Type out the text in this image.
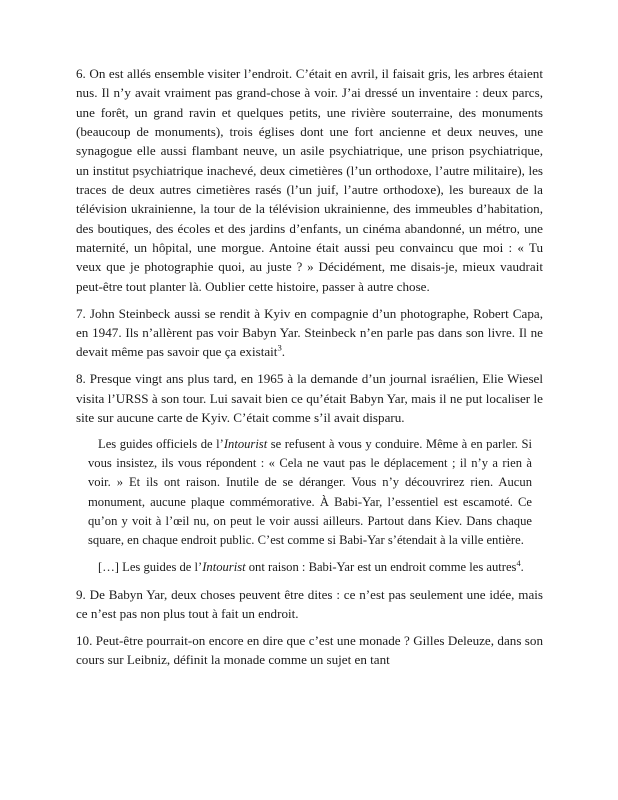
6. On est allés ensemble visiter l’endroit. C’était en avril, il faisait gris, les arbres étaient nus. Il n’y avait vraiment pas grand-chose à voir. J’ai dressé un inventaire : deux parcs, une forêt, un grand ravin et quelques petits, une rivière souterraine, des monuments (beaucoup de monuments), trois églises dont une fort ancienne et deux neuves, une synagogue elle aussi flambant neuve, un asile psychiatrique, une prison psychiatrique, un institut psychiatrique inachevé, deux cimetières (l’un orthodoxe, l’autre militaire), les traces de deux autres cimetières rasés (l’un juif, l’autre orthodoxe), les bureaux de la télévision ukrainienne, la tour de la télévision ukrainienne, des immeubles d’habitation, des boutiques, des écoles et des jardins d’enfants, un cinéma abandonné, un métro, une maternité, un hôpital, une morgue. Antoine était aussi peu convaincu que moi : « Tu veux que je photographie quoi, au juste ? » Décidément, me disais-je, mieux vaudrait peut-être tout planter là. Oublier cette histoire, passer à autre chose.

7. John Steinbeck aussi se rendit à Kyiv en compagnie d’un photographe, Robert Capa, en 1947. Ils n’allèrent pas voir Babyn Yar. Steinbeck n’en parle pas dans son livre. Il ne devait même pas savoir que ça existait$^3$.

8. Presque vingt ans plus tard, en 1965 à la demande d’un journal israélien, Elie Wiesel visita l’URSS à son tour. Lui savait bien ce qu’était Babyn Yar, mais il ne put localiser le site sur aucune carte de Kyiv. C’était comme s’il avait disparu.

Les guides officiels de l’Intourist se refusent à vous y conduire. Même à en parler. Si vous insistez, ils vous répondent : « Cela ne vaut pas le déplacement ; il n’y a rien à voir. » Et ils ont raison. Inutile de se déranger. Vous n’y découvrirez rien. Aucun monument, aucune plaque commémorative. À Babi-Yar, l’essentiel est escamoté. Ce qu’on y voit à l’œil nu, on peut le voir aussi ailleurs. Partout dans Kiev. Dans chaque square, en chaque endroit public. C’est comme si Babi-Yar s’étendait à la ville entière.

[…] Les guides de l’Intourist ont raison : Babi-Yar est un endroit comme les autres$^4$.

9. De Babyn Yar, deux choses peuvent être dites : ce n’est pas seulement une idée, mais ce n’est pas non plus tout à fait un endroit.

10. Peut-être pourrait-on encore en dire que c’est une monade ? Gilles Deleuze, dans son cours sur Leibniz, définit la monade comme un sujet en tant
